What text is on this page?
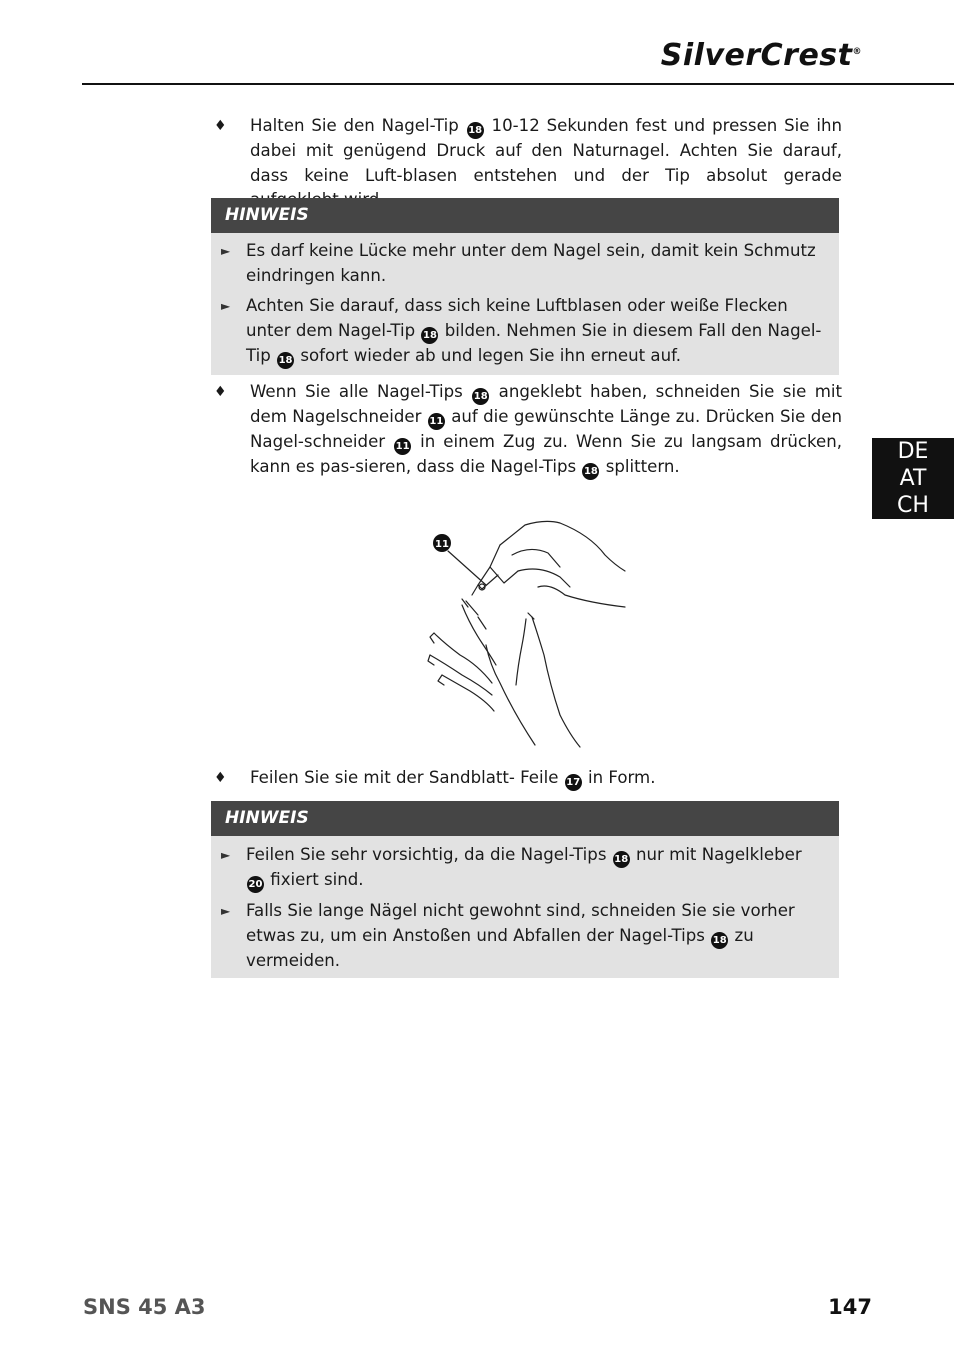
SilverCrest®
♦	Halten Sie den Nagel-Tip 18 10-12 Sekunden fest und pressen Sie ihn dabei mit genügend Druck auf den Naturnagel. Achten Sie darauf, dass keine Luft-blasen entstehen und der Tip absolut gerade
HINWEIS
► Es darf keine Lücke mehr unter dem Nagel sein, damit kein Schmutz eindringen kann.
► Achten Sie darauf, dass sich keine Luftblasen oder weiße Flecken unter dem Nagel-Tip 18 bilden. Nehmen Sie in diesem Fall den Nagel-Tip 18 sofort wieder ab und legen Sie ihn erneut auf.
♦	Wenn Sie alle Nagel-Tips 18 angeklebt haben, schneiden Sie sie mit dem Nagelschneider 11 auf die gewünschte Länge zu. Drücken Sie den Nagel-schneider 11 in einem Zug zu. Wenn Sie zu langsam drücken, kann es pas-sieren, dass die Nagel-Tips 18 splittern.
11
♦	Feilen Sie sie mit der Sandblatt- Feile 17 in Form.
HINWEIS
► Feilen Sie sehr vorsichtig, da die Nagel-Tips 18 nur mit Nagelkleber 20 fixiert sind.
► Falls Sie lange Nägel nicht gewohnt sind, schneiden Sie sie vorher etwas zu, um ein Anstoßen und Abfallen der Nagel-Tips 18 zu vermeiden.
DE
AT
CH
SNS 45 A3	147
